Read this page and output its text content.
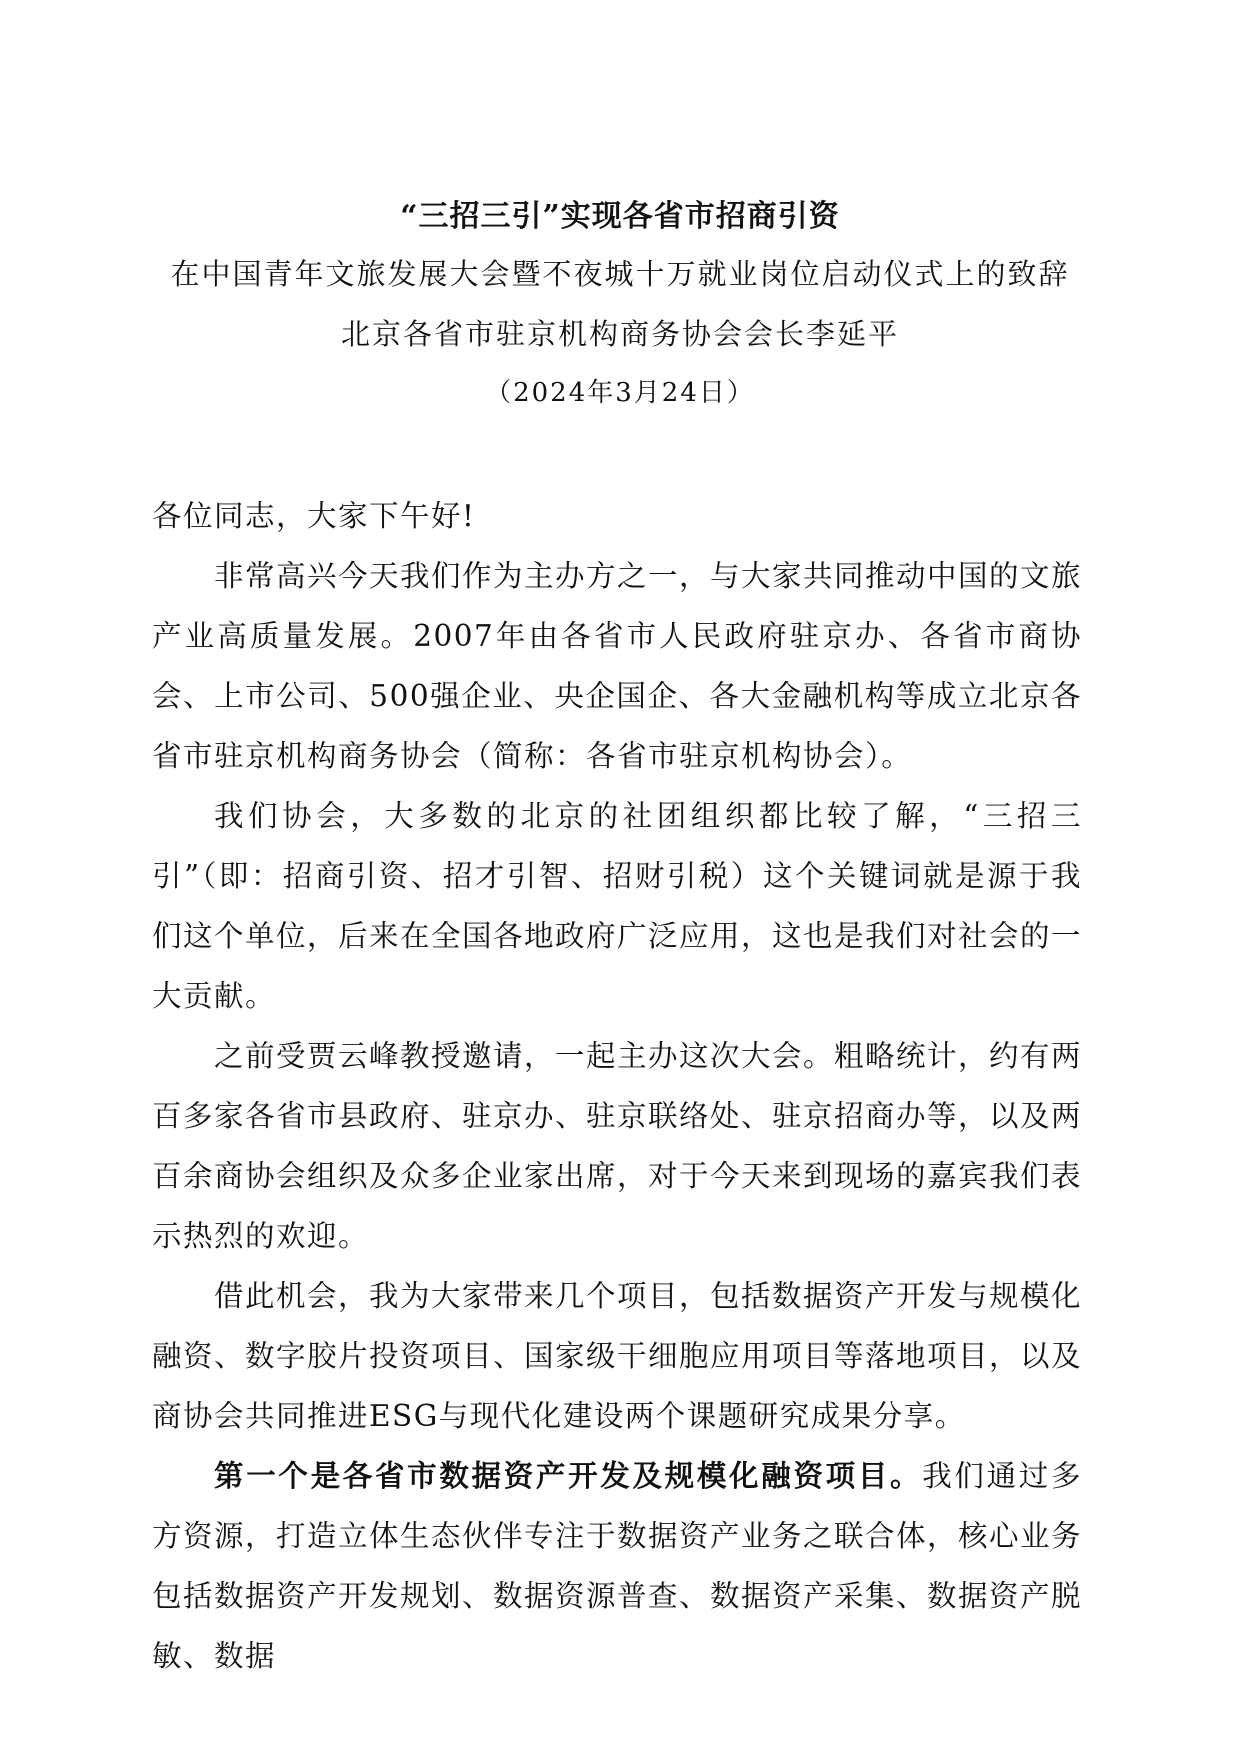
“三招三引”实现各省市招商引资
在中国青年文旅发展大会暨不夜城十万就业岗位启动仪式上的致辞
北京各省市驻京机构商务协会会长李延平
（2024年3月24日）

各位同志，大家下午好!

非常高兴今天我们作为主办方之一，与大家共同推动中国的文旅产业高质量发展。2007年由各省市人民政府驻京办、各省市商协会、上市公司、500强企业、央企国企、各大金融机构等成立北京各省市驻京机构商务协会（简称：各省市驻京机构协会）。

我们协会，大多数的北京的社团组织都比较了解，“三招三引”（即：招商引资、招才引智、招财引税）这个关键词就是源于我们这个单位，后来在全国各地政府广泛应用，这也是我们对社会的一大贡献。

之前受贾云峰教授邀请，一起主办这次大会。粗略统计，约有两百多家各省市县政府、驻京办、驻京联络处、驻京招商办等，以及两百余商协会组织及众多企业家出席，对于今天来到现场的嘉宾我们表示热烈的欢迎。

借此机会，我为大家带来几个项目，包括数据资产开发与规模化融资、数字胶片投资项目、国家级干细胞应用项目等落地项目，以及商协会共同推进ESG与现代化建设两个课题研究成果分享。

第一个是各省市数据资产开发及规模化融资项目。我们通过多方资源，打造立体生态伙伴专注于数据资产业务之联合体，核心业务包括数据资产开发规划、数据资源普查、数据资产采集、数据资产脱敏、数据
